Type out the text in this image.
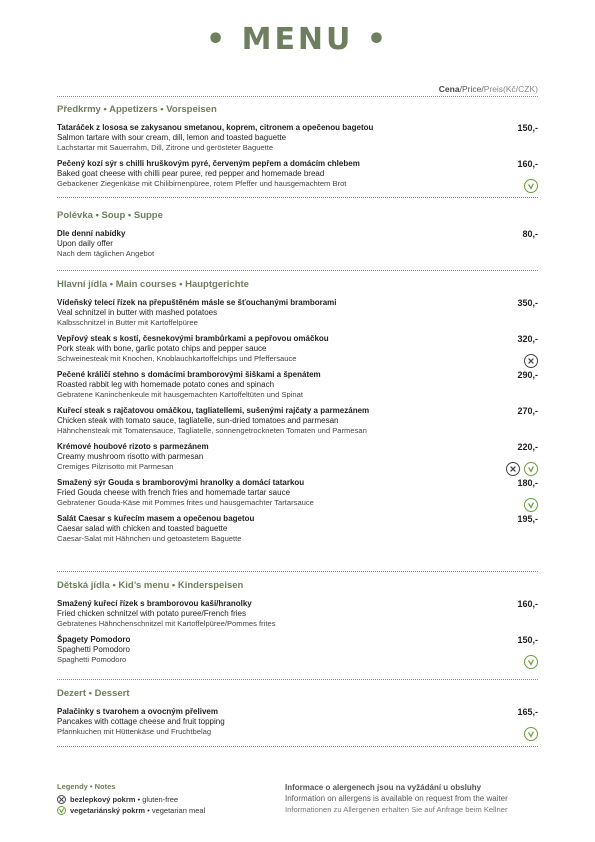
• MENU •
Cena/Price/Preis(Kč/CZK)
Předkrmy • Appetizers • Vorspeisen
Tataráček z lososa se zakysanou smetanou, koprem, citronem a opečenou bagetou
Salmon tartare with sour cream, dill, lemon and toasted baguette
Lachstartar mit Sauerrahm, Dill, Zitrone und gerösteter Baguette
150,-
Pečený kozí sýr s chilli hruškovým pyré, červeným pepřem a domácím chlebem
Baked goat cheese with chilli pear puree, red pepper and homemade bread
Gebackener Ziegenkäse mit Chilibirnenpüree, rotem Pfeffer und hausgemachtem Brot
160,-
Polévka • Soup • Suppe
Dle denní nabídky
Upon daily offer
Nach dem täglichen Angebot
80,-
Hlavní jídla • Main courses • Hauptgerichte
Vídeňský telecí řízek na přepuštěném másle se šťouchanými bramborami
Veal schnitzel in butter with mashed potatoes
Kalbsschnitzel in Butter mit Kartoffelpüree
350,-
Vepřový steak s kostí, česnekovými brambůrkami a pepřovou omáčkou
Pork steak with bone, garlic potato chips and pepper sauce
Schweinesteak mit Knochen, Knoblauchkartoffelchips und Pfeffersauce
320,-
Pečené králičí stehno s domácími bramborovými šiškami a špenátem
Roasted rabbit leg with homemade potato cones and spinach
Gebratene Kaninchenkeule mit hausgemachten Kartoffeltüten und Spinat
290,-
Kuřecí steak s rajčatovou omáčkou, tagliatellemi, sušenými rajčaty a parmezánem
Chicken steak with tomato sauce, tagliatelle, sun-dried tomatoes and parmesan
Hähnchensteak mit Tomatensauce, Tagliatelle, sonnengetrockneten Tomaten und Parmesan
270,-
Krémové houbové rizoto s parmezánem
Creamy mushroom risotto with parmesan
Cremiges Pilzrisotto mit Parmesan
220,-
Smažený sýr Gouda s bramborovými hranolky a domácí tatarkou
Fried Gouda cheese with french fries and homemade tartar sauce
Gebratener Gouda-Käse mit Pommes frites und hausgemachter Tartarsauce
180,-
Salát Caesar s kuřecím masem a opečenou bagetou
Caesar salad with chicken and toasted baguette
Caesar-Salat mit Hähnchen und getoastetem Baguette
195,-
Dětská jídla • Kid’s menu • Kinderspeisen
Smažený kuřecí řízek s bramborovou kaší/hranolky
Fried chicken schnitzel with potato puree/French fries
Gebratenes Hähnchenschnitzel mit Kartoffelpüree/Pommes frites
160,-
Špagety Pomodoro
Spaghetti Pomodoro
Spaghetti Pomodoro
150,-
Dezert • Dessert
Palačinky s tvarohem a ovocným přelivem
Pancakes with cottage cheese and fruit topping
Pfannkuchen mit Hüttenkäse und Fruchtbelag
165,-
Legendy • Notes
bezlepkový pokrm • gluten-free
vegetariánský pokrm • vegetarian meal
Informace o alergenech jsou na vyžádání u obsluhy
Information on allergens is available on request from the waiter
Informationen zu Allergenen erhalten Sie auf Anfrage beim Kellner
